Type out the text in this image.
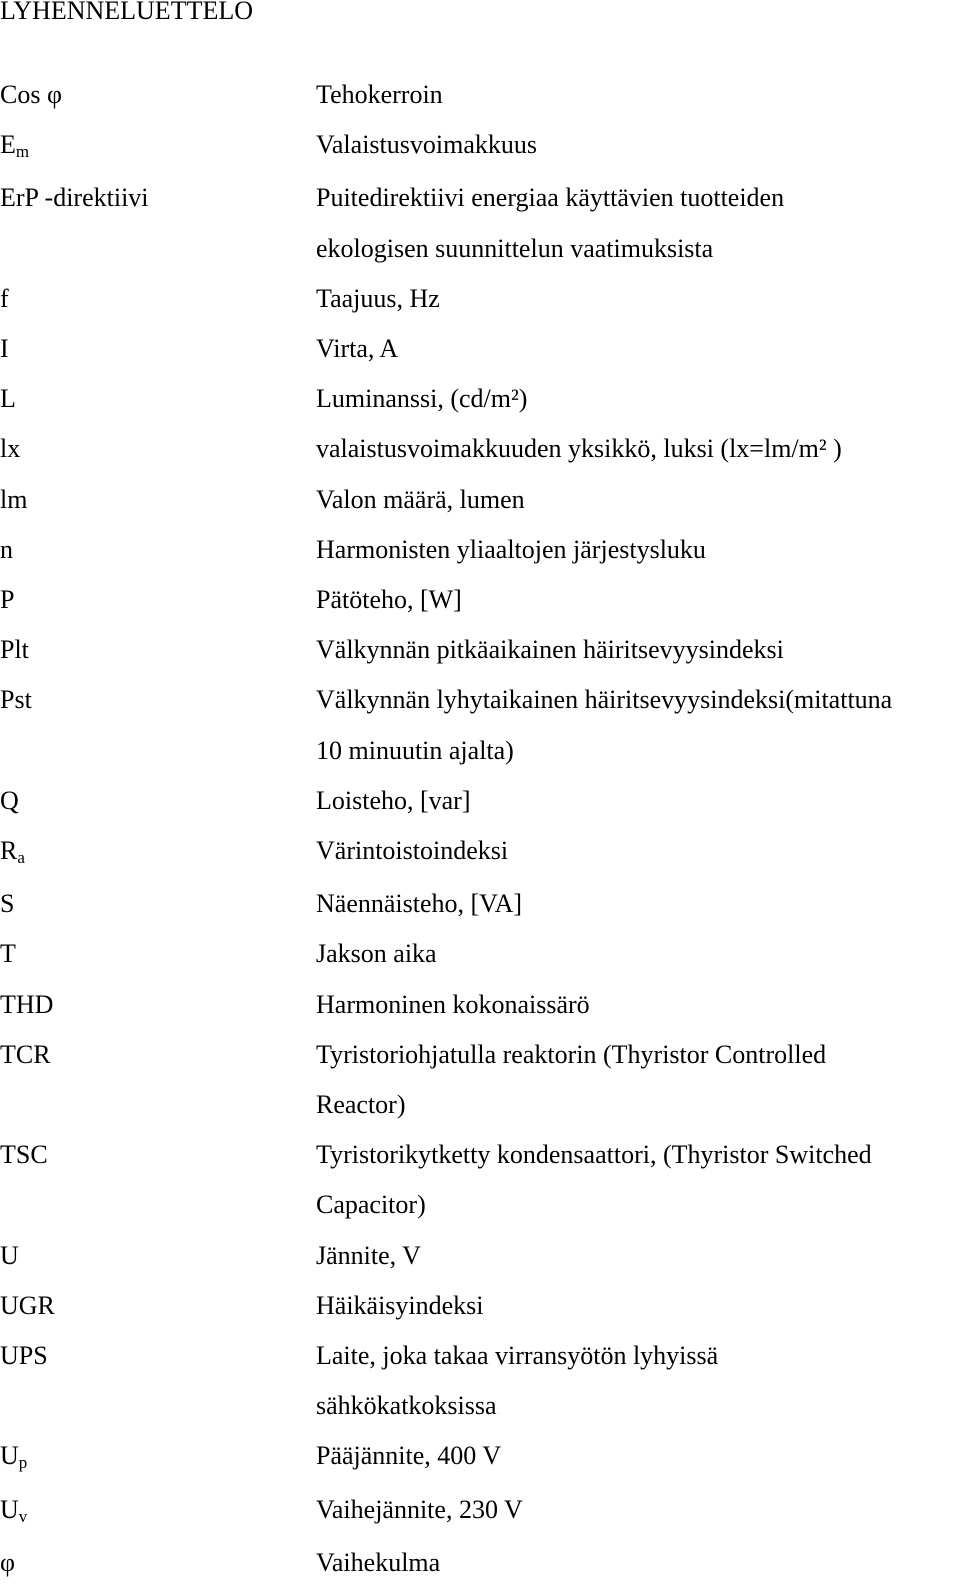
LYHENNELUETTELO
Cos φ	Tehokerroin
$E_m$	Valaistusvoimakkuus
ErP -direktiivi	Puitedirektiivi energiaa käyttävien tuotteiden
ekologisen suunnittelun vaatimuksista
f	Taajuus, Hz
I	Virta, A
L	Luminanssi, (cd/m²)
lx	valaistusvoimakkuuden yksikkö, luksi (lx=lm/m² )
lm	Valon määrä, lumen
n	Harmonisten yliaaltojen järjestysluku
P	Pätöteho, [W]
Plt	Välkynnän pitkäaikainen häiritsevyysindeksi
Pst	Välkynnän lyhytaikainen häiritsevyysindeksi(mitattuna
10 minuutin ajalta)
Q	Loisteho, [var]
$R_a$	Värintoistoindeksi
S	Näennäisteho, [VA]
T	Jakson aika
THD	Harmoninen kokonaissärö
TCR	Tyristoriohjatulla reaktorin (Thyristor Controlled
Reactor)
TSC	Tyristorikytketty kondensaattori, (Thyristor Switched
Capacitor)
U	Jännite, V
UGR	Häikäisyindeksi
UPS	Laite, joka takaa virransyötön lyhyissä
sähkökatkoksissa
$U_p$	Pääjännite, 400 V
$U_v$	Vaihejännite, 230 V
φ	Vaihekulma
